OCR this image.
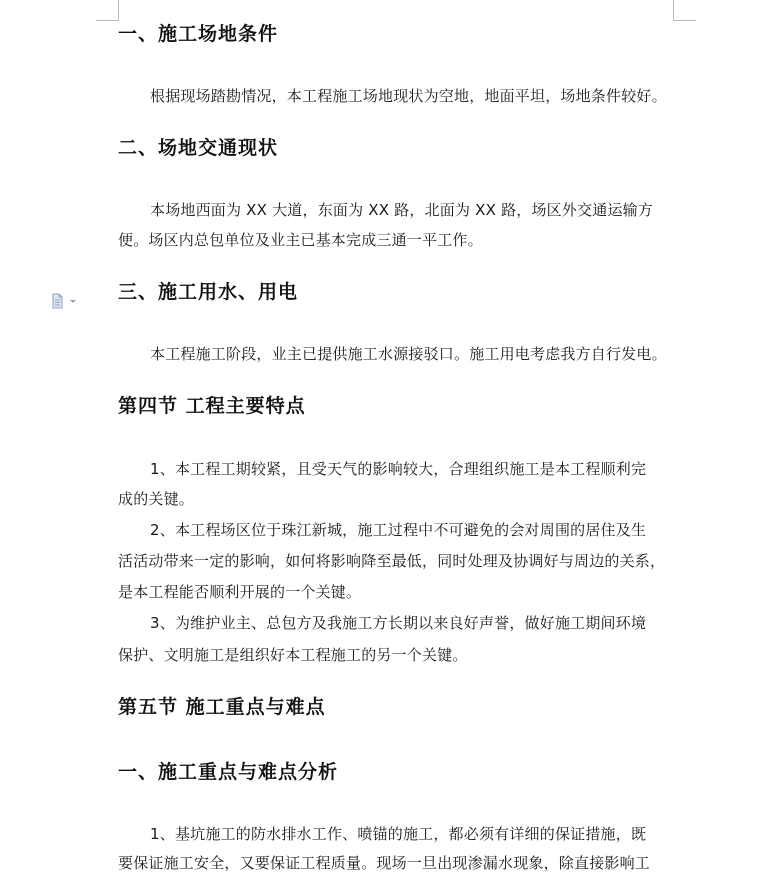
一、施工场地条件
根据现场踏勘情况，本工程施工场地现状为空地，地面平坦，场地条件较好。
二、场地交通现状
本场地西面为 XX 大道，东面为 XX 路，北面为 XX 路，场区外交通运输方
便。场区内总包单位及业主已基本完成三通一平工作。
三、施工用水、用电
本工程施工阶段，业主已提供施工水源接驳口。施工用电考虑我方自行发电。
第四节 工程主要特点
1、本工程工期较紧，且受天气的影响较大，合理组织施工是本工程顺利完
成的关键。
2、本工程场区位于珠江新城，施工过程中不可避免的会对周围的居住及生
活活动带来一定的影响，如何将影响降至最低，同时处理及协调好与周边的关系，
是本工程能否顺利开展的一个关键。
3、为维护业主、总包方及我施工方长期以来良好声誉，做好施工期间环境
保护、文明施工是组织好本工程施工的另一个关键。
第五节 施工重点与难点
一、施工重点与难点分析
1、基坑施工的防水排水工作、喷锚的施工，都必须有详细的保证措施，既
要保证施工安全，又要保证工程质量。现场一旦出现渗漏水现象，除直接影响工
